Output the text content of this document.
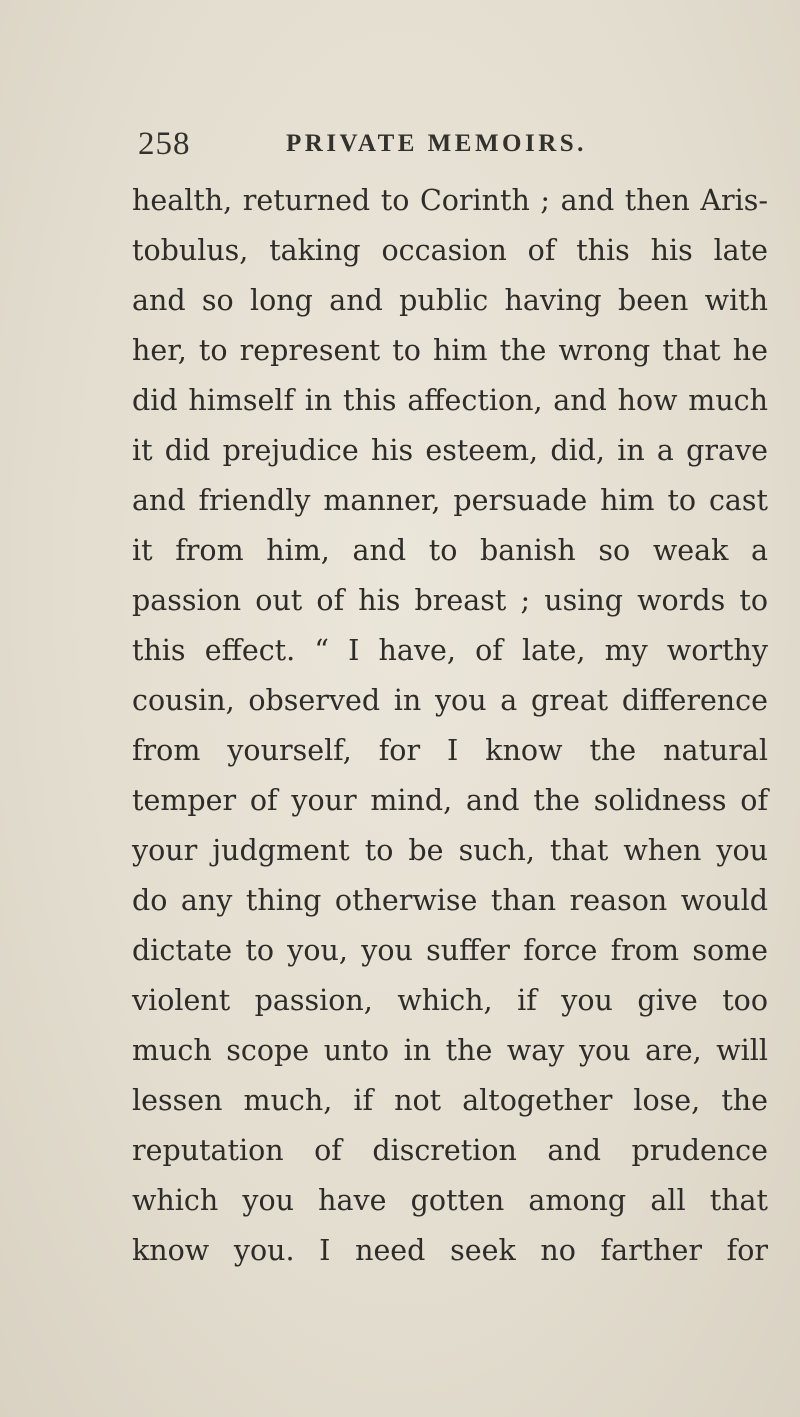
258	PRIVATE MEMOIRS.
health, returned to Corinth ; and then Aris-
tobulus, taking occasion of this his late
and so long and public having been with
her, to represent to him the wrong that he
did himself in this affection, and how much
it did prejudice his esteem, did, in a grave
and friendly manner, persuade him to cast
it from him, and to banish so weak a
passion out of his breast ; using words to
this effect. “ I have, of late, my worthy
cousin, observed in you a great difference
from yourself, for I know the natural
temper of your mind, and the solidness of
your judgment to be such, that when you
do any thing otherwise than reason would
dictate to you, you suffer force from some
violent passion, which, if you give too
much scope unto in the way you are, will
lessen much, if not altogether lose, the
reputation of discretion and prudence
which you have gotten among all that
know you. I need seek no farther for
